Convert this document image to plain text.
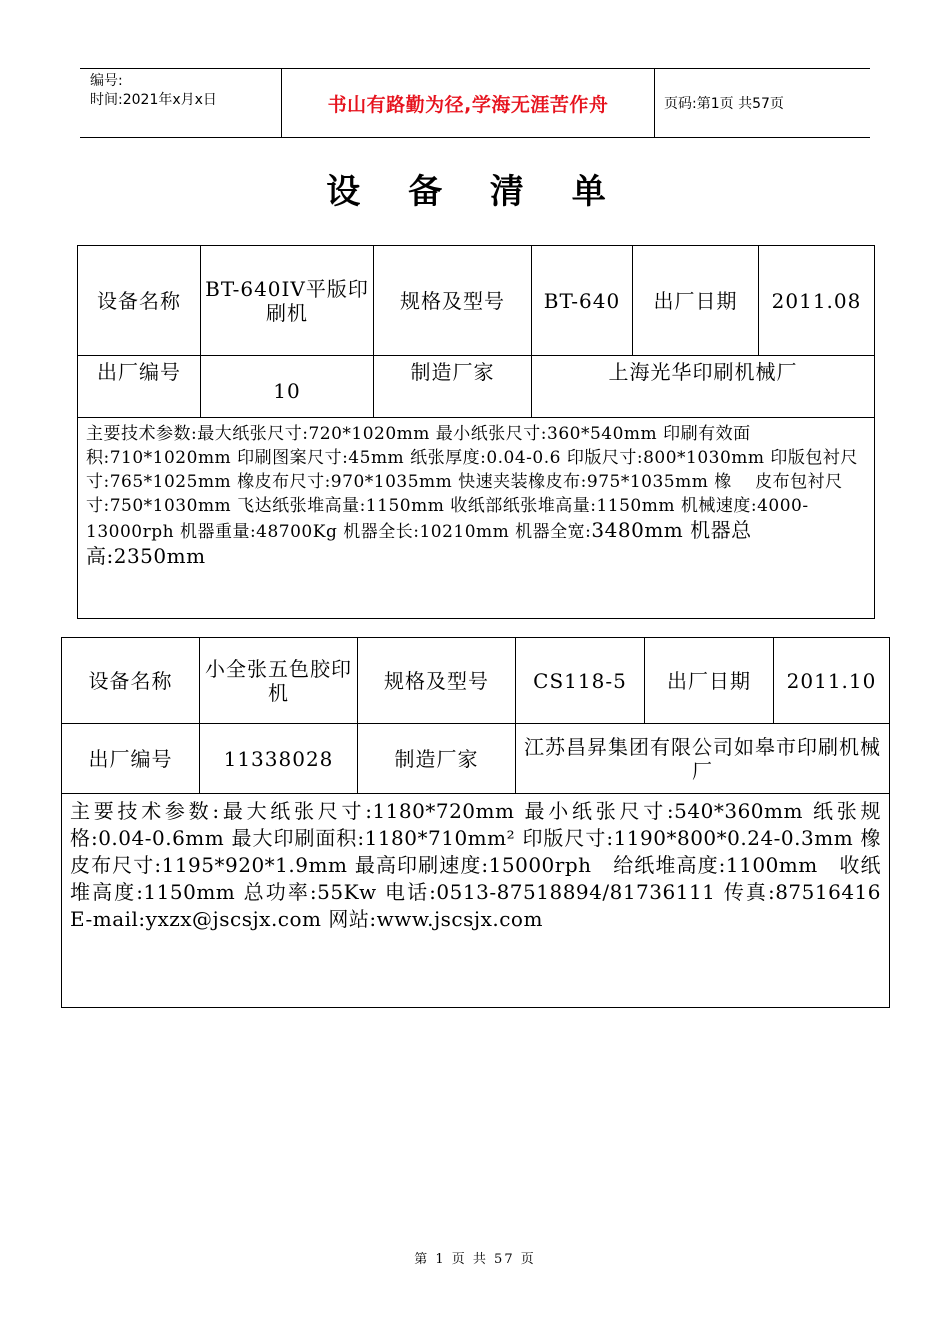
编号:
时间:2021年x月x日	书山有路勤为径,学海无涯苦作舟	页码:第1页 共57页
设 备 清 单
设备名称	BT-640IV平版印刷机	规格及型号	BT-640	出厂日期	2011.08
出厂编号	10	制造厂家	上海光华印刷机械厂		
主要技术参数:最大纸张尺寸:720*1020mm 最小纸张尺寸:360*540mm 印刷有效面积:710*1020mm 印刷图案尺寸:45mm 纸张厚度:0.04-0.6 印版尺寸:800*1030mm 印版包衬尺寸:765*1025mm 橡皮布尺寸:970*1035mm 快速夹装橡皮布:975*1035mm 橡　 皮布包衬尺寸:750*1030mm 飞达纸张堆高量:1150mm 收纸部纸张堆高量:1150mm 机械速度:4000-13000rph 机器重量:48700Kg 机器全长:10210mm 机器全宽:3480mm 机器总高:2350mm					
设备名称	小全张五色胶印机	规格及型号	CS118-5	出厂日期	2011.10
出厂编号	11338028	制造厂家	江苏昌昇集团有限公司如皋市印刷机械厂		
主要技术参数:最大纸张尺寸:1180*720mm 最小纸张尺寸:540*360mm 纸张规格:0.04-0.6mm 最大印刷面积:1180*710mm² 印版尺寸:1190*800*0.24-0.3mm 橡皮布尺寸:1195*920*1.9mm 最高印刷速度:15000rph　给纸堆高度:1100mm　收纸堆高度:1150mm 总功率:55Kw 电话:0513-87518894/81736111 传真:87516416 E-mail:yxzx@jscsjx.com 网站:www.jscsjx.com					
第 1 页 共 57 页
